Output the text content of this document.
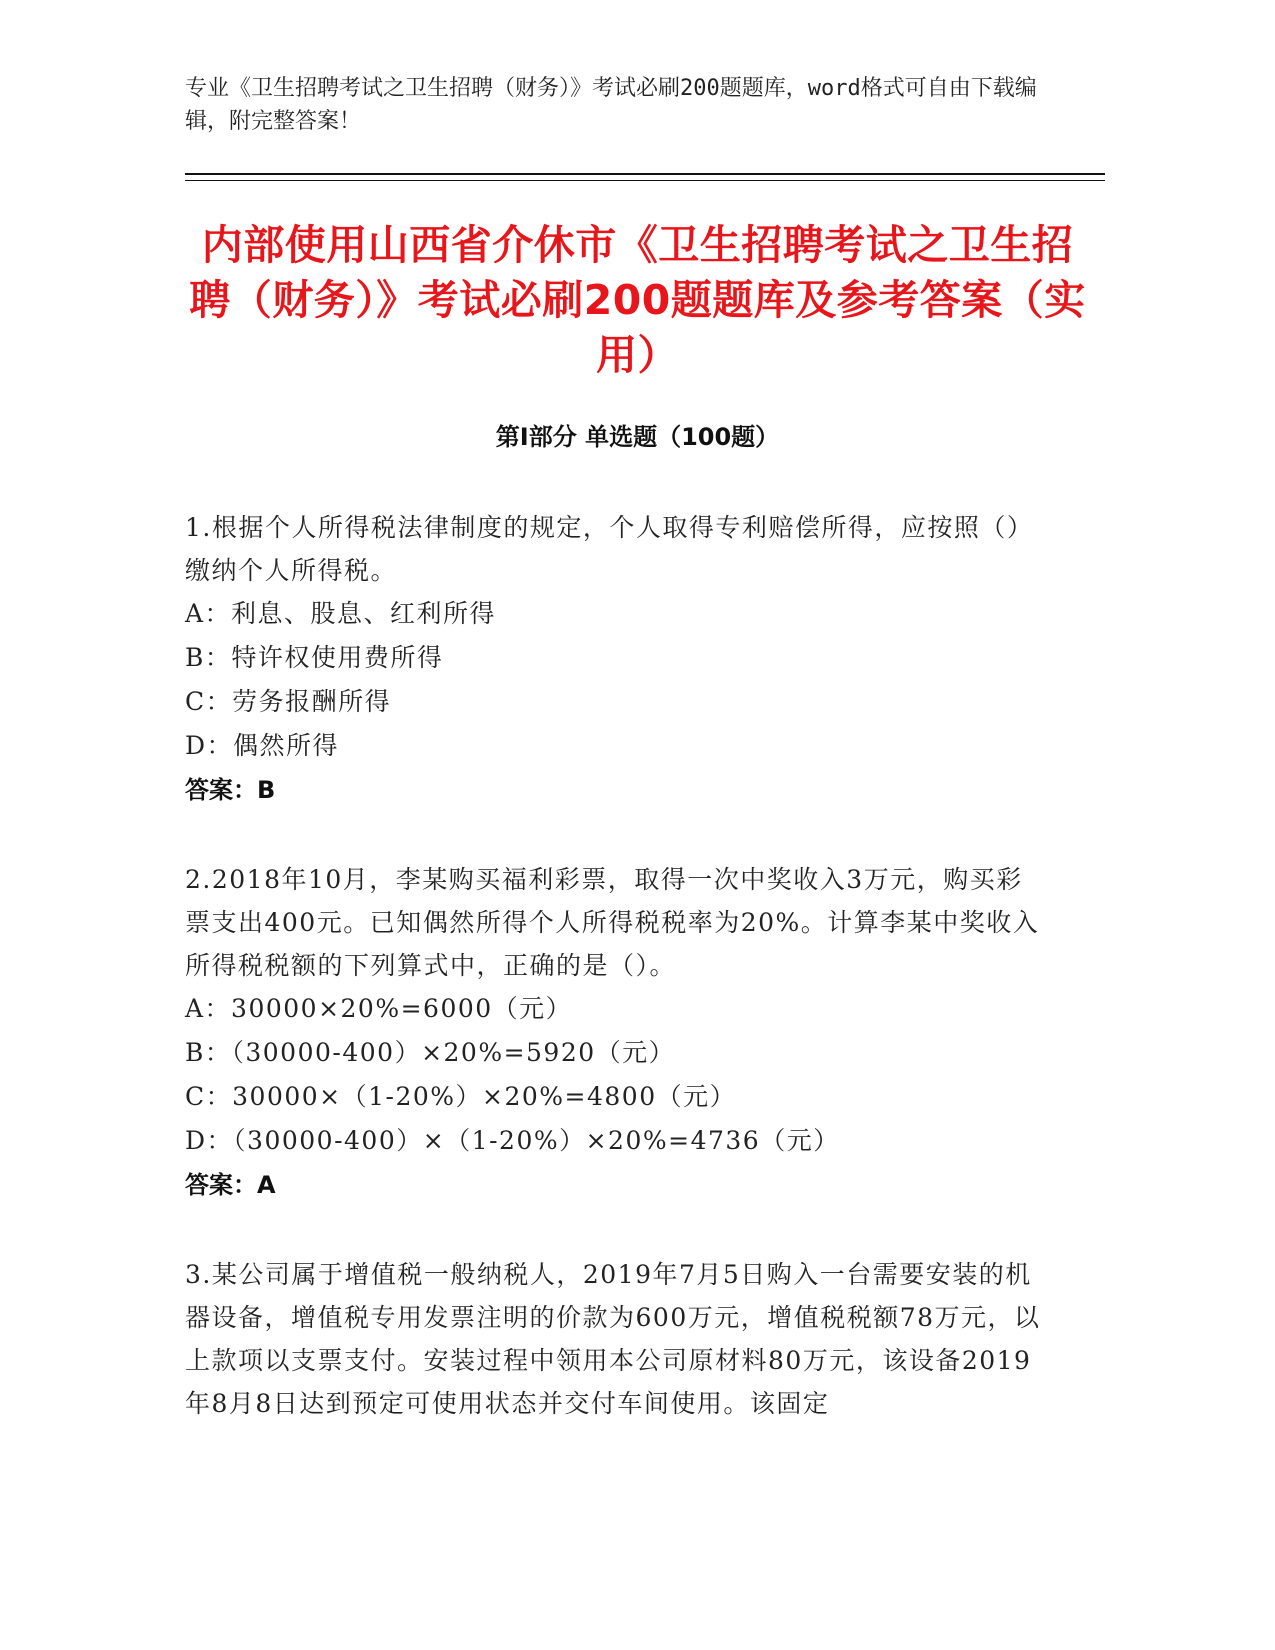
专业《卫生招聘考试之卫生招聘（财务）》考试必刷200题题库，word格式可自由下载编辑，附完整答案！
内部使用山西省介休市《卫生招聘考试之卫生招聘（财务）》考试必刷200题题库及参考答案（实用）
第I部分 单选题（100题）
1.根据个人所得税法律制度的规定，个人取得专利赔偿所得，应按照（）缴纳个人所得税。
A：利息、股息、红利所得
B：特许权使用费所得
C：劳务报酬所得
D：偶然所得
答案：B
2.2018年10月，李某购买福利彩票，取得一次中奖收入3万元，购买彩票支出400元。已知偶然所得个人所得税税率为20%。计算李某中奖收入所得税税额的下列算式中，正确的是（）。
A：30000×20%=6000（元）
B：（30000-400）×20%=5920（元）
C：30000×（1-20%）×20%=4800（元）
D：（30000-400）×（1-20%）×20%=4736（元）
答案：A
3.某公司属于增值税一般纳税人，2019年7月5日购入一台需要安装的机器设备，增值税专用发票注明的价款为600万元，增值税税额78万元，以上款项以支票支付。安装过程中领用本公司原材料80万元，该设备2019年8月8日达到预定可使用状态并交付车间使用。该固定
